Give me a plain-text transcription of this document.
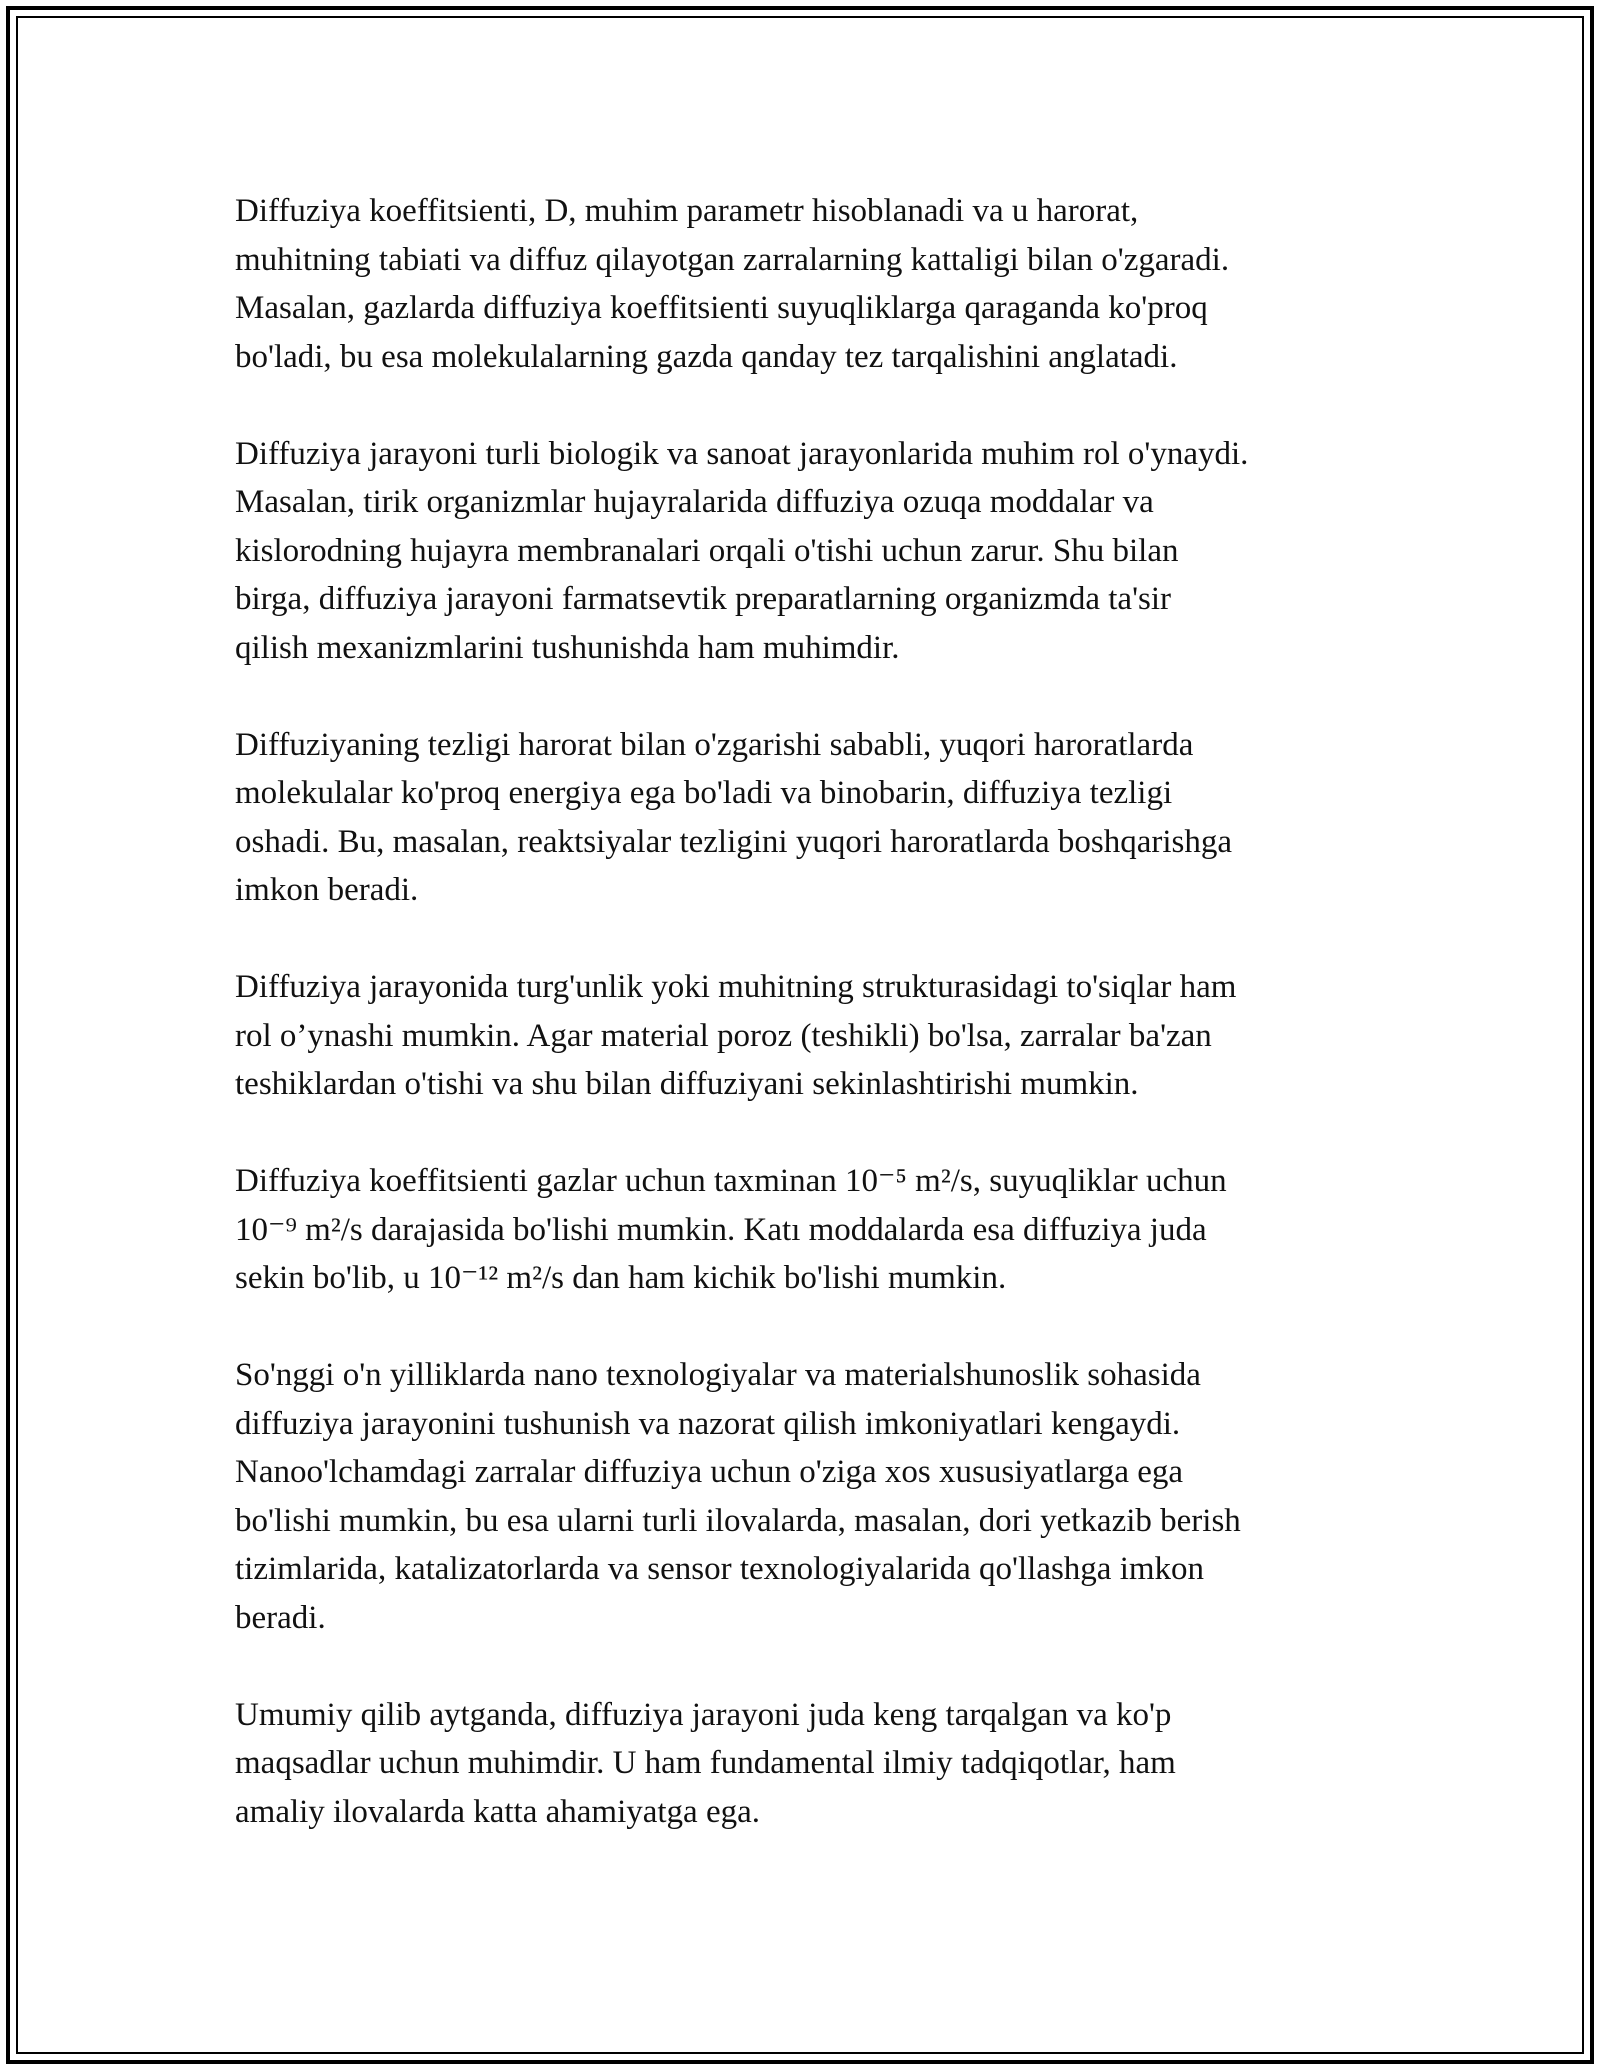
Diffuziya koeffitsienti, D, muhim parametr hisoblanadi va u harorat,
muhitning tabiati va diffuz qilayotgan zarralarning kattaligi bilan o'zgaradi.
Masalan, gazlarda diffuziya koeffitsienti suyuqliklarga qaraganda ko'proq
bo'ladi, bu esa molekulalarning gazda qanday tez tarqalishini anglatadi.

Diffuziya jarayoni turli biologik va sanoat jarayonlarida muhim rol o'ynaydi.
Masalan, tirik organizmlar hujayralarida diffuziya ozuqa moddalar va
kislorodning hujayra membranalari orqali o'tishi uchun zarur. Shu bilan
birga, diffuziya jarayoni farmatsevtik preparatlarning organizmda ta'sir
qilish mexanizmlarini tushunishda ham muhimdir.

Diffuziyaning tezligi harorat bilan o'zgarishi sababli, yuqori haroratlarda
molekulalar ko'proq energiya ega bo'ladi va binobarin, diffuziya tezligi
oshadi. Bu, masalan, reaktsiyalar tezligini yuqori haroratlarda boshqarishga
imkon beradi.

Diffuziya jarayonida turg'unlik yoki muhitning strukturasidagi to'siqlar ham
rol o’ynashi mumkin. Agar material poroz (teshikli) bo'lsa, zarralar ba'zan
teshiklardan o'tishi va shu bilan diffuziyani sekinlashtirishi mumkin.

Diffuziya koeffitsienti gazlar uchun taxminan 10⁻⁵ m²/s, suyuqliklar uchun
10⁻⁹ m²/s darajasida bo'lishi mumkin. Katı moddalarda esa diffuziya juda
sekin bo'lib, u 10⁻¹² m²/s dan ham kichik bo'lishi mumkin.

So'nggi o'n yilliklarda nano texnologiyalar va materialshunoslik sohasida
diffuziya jarayonini tushunish va nazorat qilish imkoniyatlari kengaydi.
Nanoo'lchamdagi zarralar diffuziya uchun o'ziga xos xususiyatlarga ega
bo'lishi mumkin, bu esa ularni turli ilovalarda, masalan, dori yetkazib berish
tizimlarida, katalizatorlarda va sensor texnologiyalarida qo'llashga imkon
beradi.

Umumiy qilib aytganda, diffuziya jarayoni juda keng tarqalgan va ko'p
maqsadlar uchun muhimdir. U ham fundamental ilmiy tadqiqotlar, ham
amaliy ilovalarda katta ahamiyatga ega.
